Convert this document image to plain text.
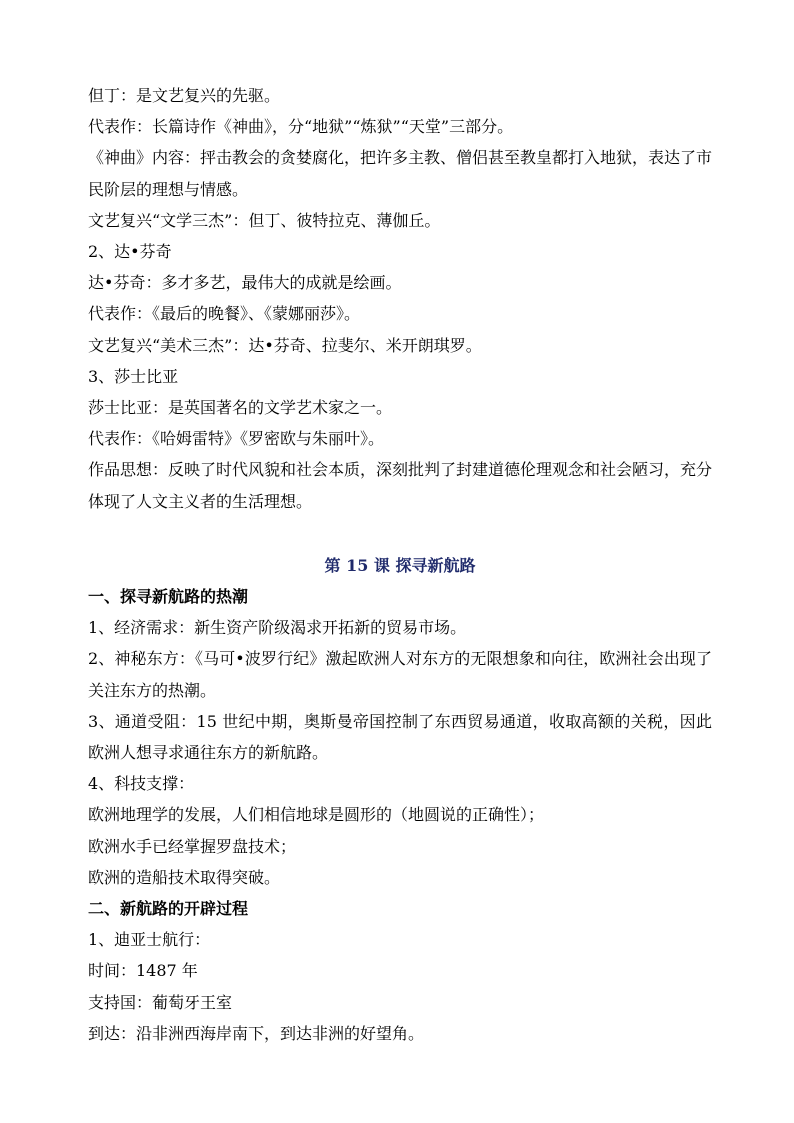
但丁：是文艺复兴的先驱。

代表作：长篇诗作《神曲》，分“地狱”“炼狱”“天堂”三部分。

《神曲》内容：抨击教会的贪婪腐化，把许多主教、僧侣甚至教皇都打入地狱，表达了市民阶层的理想与情感。

文艺复兴“文学三杰”：但丁、彼特拉克、薄伽丘。

2、达•芬奇

达•芬奇：多才多艺，最伟大的成就是绘画。

代表作：《最后的晚餐》、《蒙娜丽莎》。

文艺复兴“美术三杰”：达•芬奇、拉斐尔、米开朗琪罗。

3、莎士比亚

莎士比亚：是英国著名的文学艺术家之一。

代表作：《哈姆雷特》《罗密欧与朱丽叶》。

作品思想：反映了时代风貌和社会本质，深刻批判了封建道德伦理观念和社会陋习，充分体现了人文主义者的生活理想。

第 15 课 探寻新航路

一、探寻新航路的热潮

1、经济需求：新生资产阶级渴求开拓新的贸易市场。

2、神秘东方：《马可•波罗行纪》激起欧洲人对东方的无限想象和向往，欧洲社会出现了关注东方的热潮。

3、通道受阻：15 世纪中期，奥斯曼帝国控制了东西贸易通道，收取高额的关税，因此欧洲人想寻求通往东方的新航路。

4、科技支撑：

欧洲地理学的发展，人们相信地球是圆形的（地圆说的正确性）；

欧洲水手已经掌握罗盘技术；

欧洲的造船技术取得突破。

二、新航路的开辟过程

1、迪亚士航行：

时间：1487 年

支持国：葡萄牙王室

到达：沿非洲西海岸南下，到达非洲的好望角。
